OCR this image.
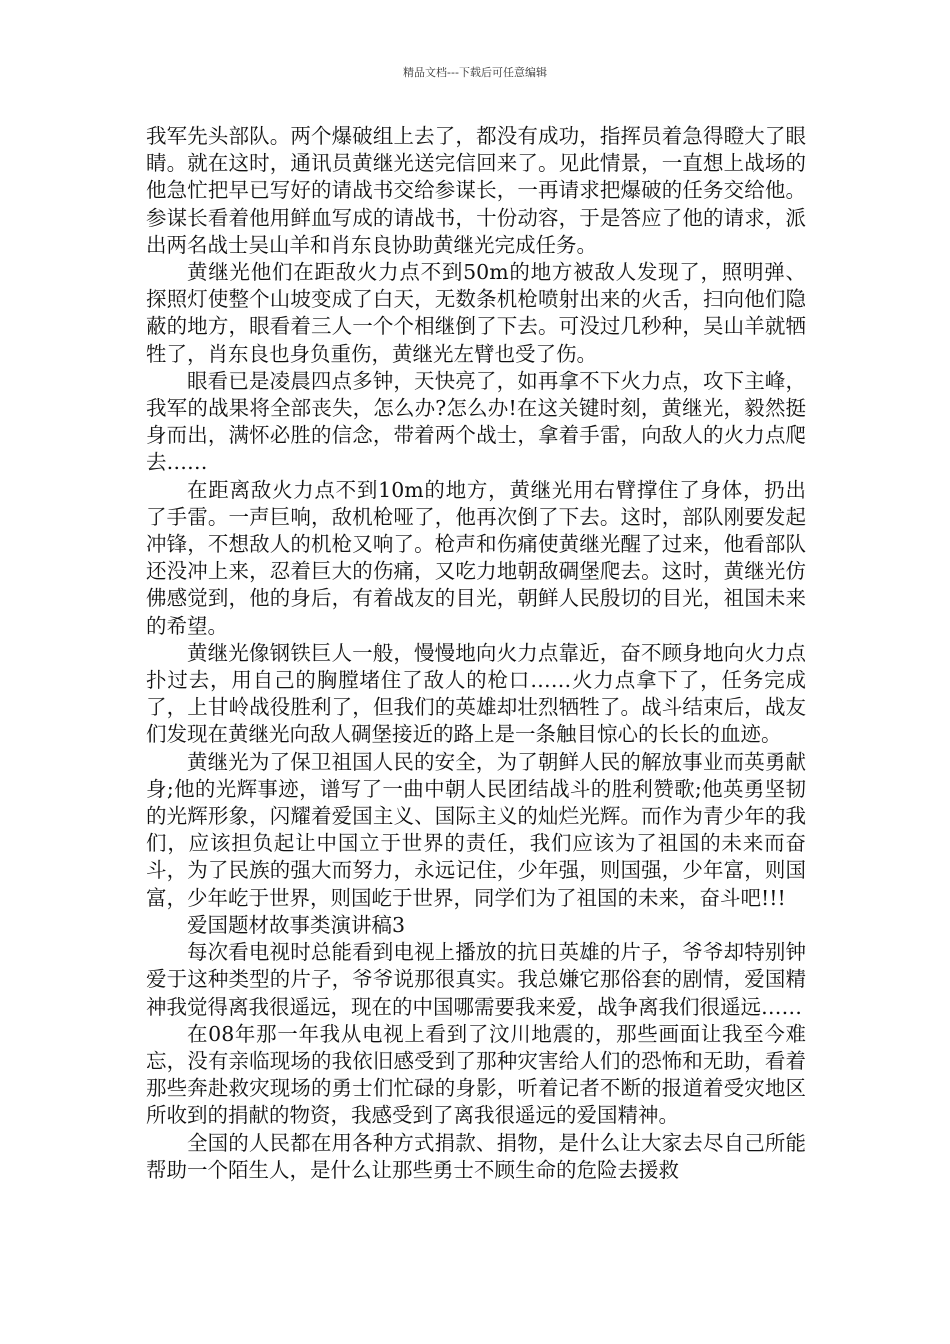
精品文档---下载后可任意编辑

我军先头部队。两个爆破组上去了，都没有成功，指挥员着急得瞪大了眼睛。就在这时，通讯员黄继光送完信回来了。见此情景，一直想上战场的他急忙把早已写好的请战书交给参谋长，一再请求把爆破的任务交给他。参谋长看着他用鲜血写成的请战书，十份动容，于是答应了他的请求，派出两名战士吴山羊和肖东良协助黄继光完成任务。

黄继光他们在距敌火力点不到50m的地方被敌人发现了，照明弹、探照灯使整个山坡变成了白天，无数条机枪喷射出来的火舌，扫向他们隐蔽的地方，眼看着三人一个个相继倒了下去。可没过几秒种，吴山羊就牺牲了，肖东良也身负重伤，黄继光左臂也受了伤。

眼看已是凌晨四点多钟，天快亮了，如再拿不下火力点，攻下主峰，我军的战果将全部丧失，怎么办?怎么办!在这关键时刻，黄继光，毅然挺身而出，满怀必胜的信念，带着两个战士，拿着手雷，向敌人的火力点爬去……

在距离敌火力点不到10m的地方，黄继光用右臂撑住了身体，扔出了手雷。一声巨响，敌机枪哑了，他再次倒了下去。这时，部队刚要发起冲锋，不想敌人的机枪又响了。枪声和伤痛使黄继光醒了过来，他看部队还没冲上来，忍着巨大的伤痛，又吃力地朝敌碉堡爬去。这时，黄继光仿佛感觉到，他的身后，有着战友的目光，朝鲜人民殷切的目光，祖国未来的希望。

黄继光像钢铁巨人一般，慢慢地向火力点靠近，奋不顾身地向火力点扑过去，用自己的胸膛堵住了敌人的枪口……火力点拿下了，任务完成了，上甘岭战役胜利了，但我们的英雄却壮烈牺牲了。战斗结束后，战友们发现在黄继光向敌人碉堡接近的路上是一条触目惊心的长长的血迹。

黄继光为了保卫祖国人民的安全，为了朝鲜人民的解放事业而英勇献身;他的光辉事迹，谱写了一曲中朝人民团结战斗的胜利赞歌;他英勇坚韧的光辉形象，闪耀着爱国主义、国际主义的灿烂光辉。而作为青少年的我们，应该担负起让中国立于世界的责任，我们应该为了祖国的未来而奋斗，为了民族的强大而努力，永远记住，少年强，则国强，少年富，则国富，少年屹于世界，则国屹于世界，同学们为了祖国的未来，奋斗吧!!!

爱国题材故事类演讲稿3

每次看电视时总能看到电视上播放的抗日英雄的片子，爷爷却特别钟爱于这种类型的片子，爷爷说那很真实。我总嫌它那俗套的剧情，爱国精神我觉得离我很遥远，现在的中国哪需要我来爱，战争离我们很遥远……

在08年那一年我从电视上看到了汶川地震的，那些画面让我至今难忘，没有亲临现场的我依旧感受到了那种灾害给人们的恐怖和无助，看着那些奔赴救灾现场的勇士们忙碌的身影，听着记者不断的报道着受灾地区所收到的捐献的物资，我感受到了离我很遥远的爱国精神。

全国的人民都在用各种方式捐款、捐物，是什么让大家去尽自己所能帮助一个陌生人，是什么让那些勇士不顾生命的危险去援救
